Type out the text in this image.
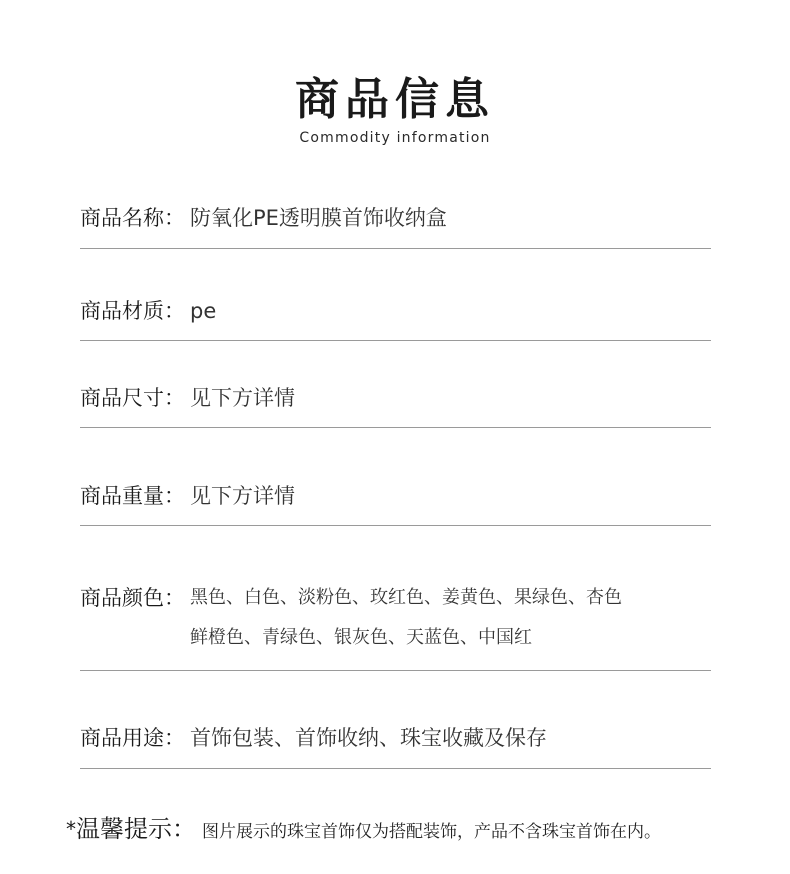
商品信息
Commodity information
商品名称： 防氧化PE透明膜首饰收纳盒
商品材质： pe
商品尺寸： 见下方详情
商品重量： 见下方详情
商品颜色： 黑色、白色、淡粉色、玫红色、姜黄色、果绿色、杏色
鲜橙色、青绿色、银灰色、天蓝色、中国红
商品用途： 首饰包装、首饰收纳、珠宝收藏及保存
*温馨提示： 图片展示的珠宝首饰仅为搭配装饰，产品不含珠宝首饰在内。
